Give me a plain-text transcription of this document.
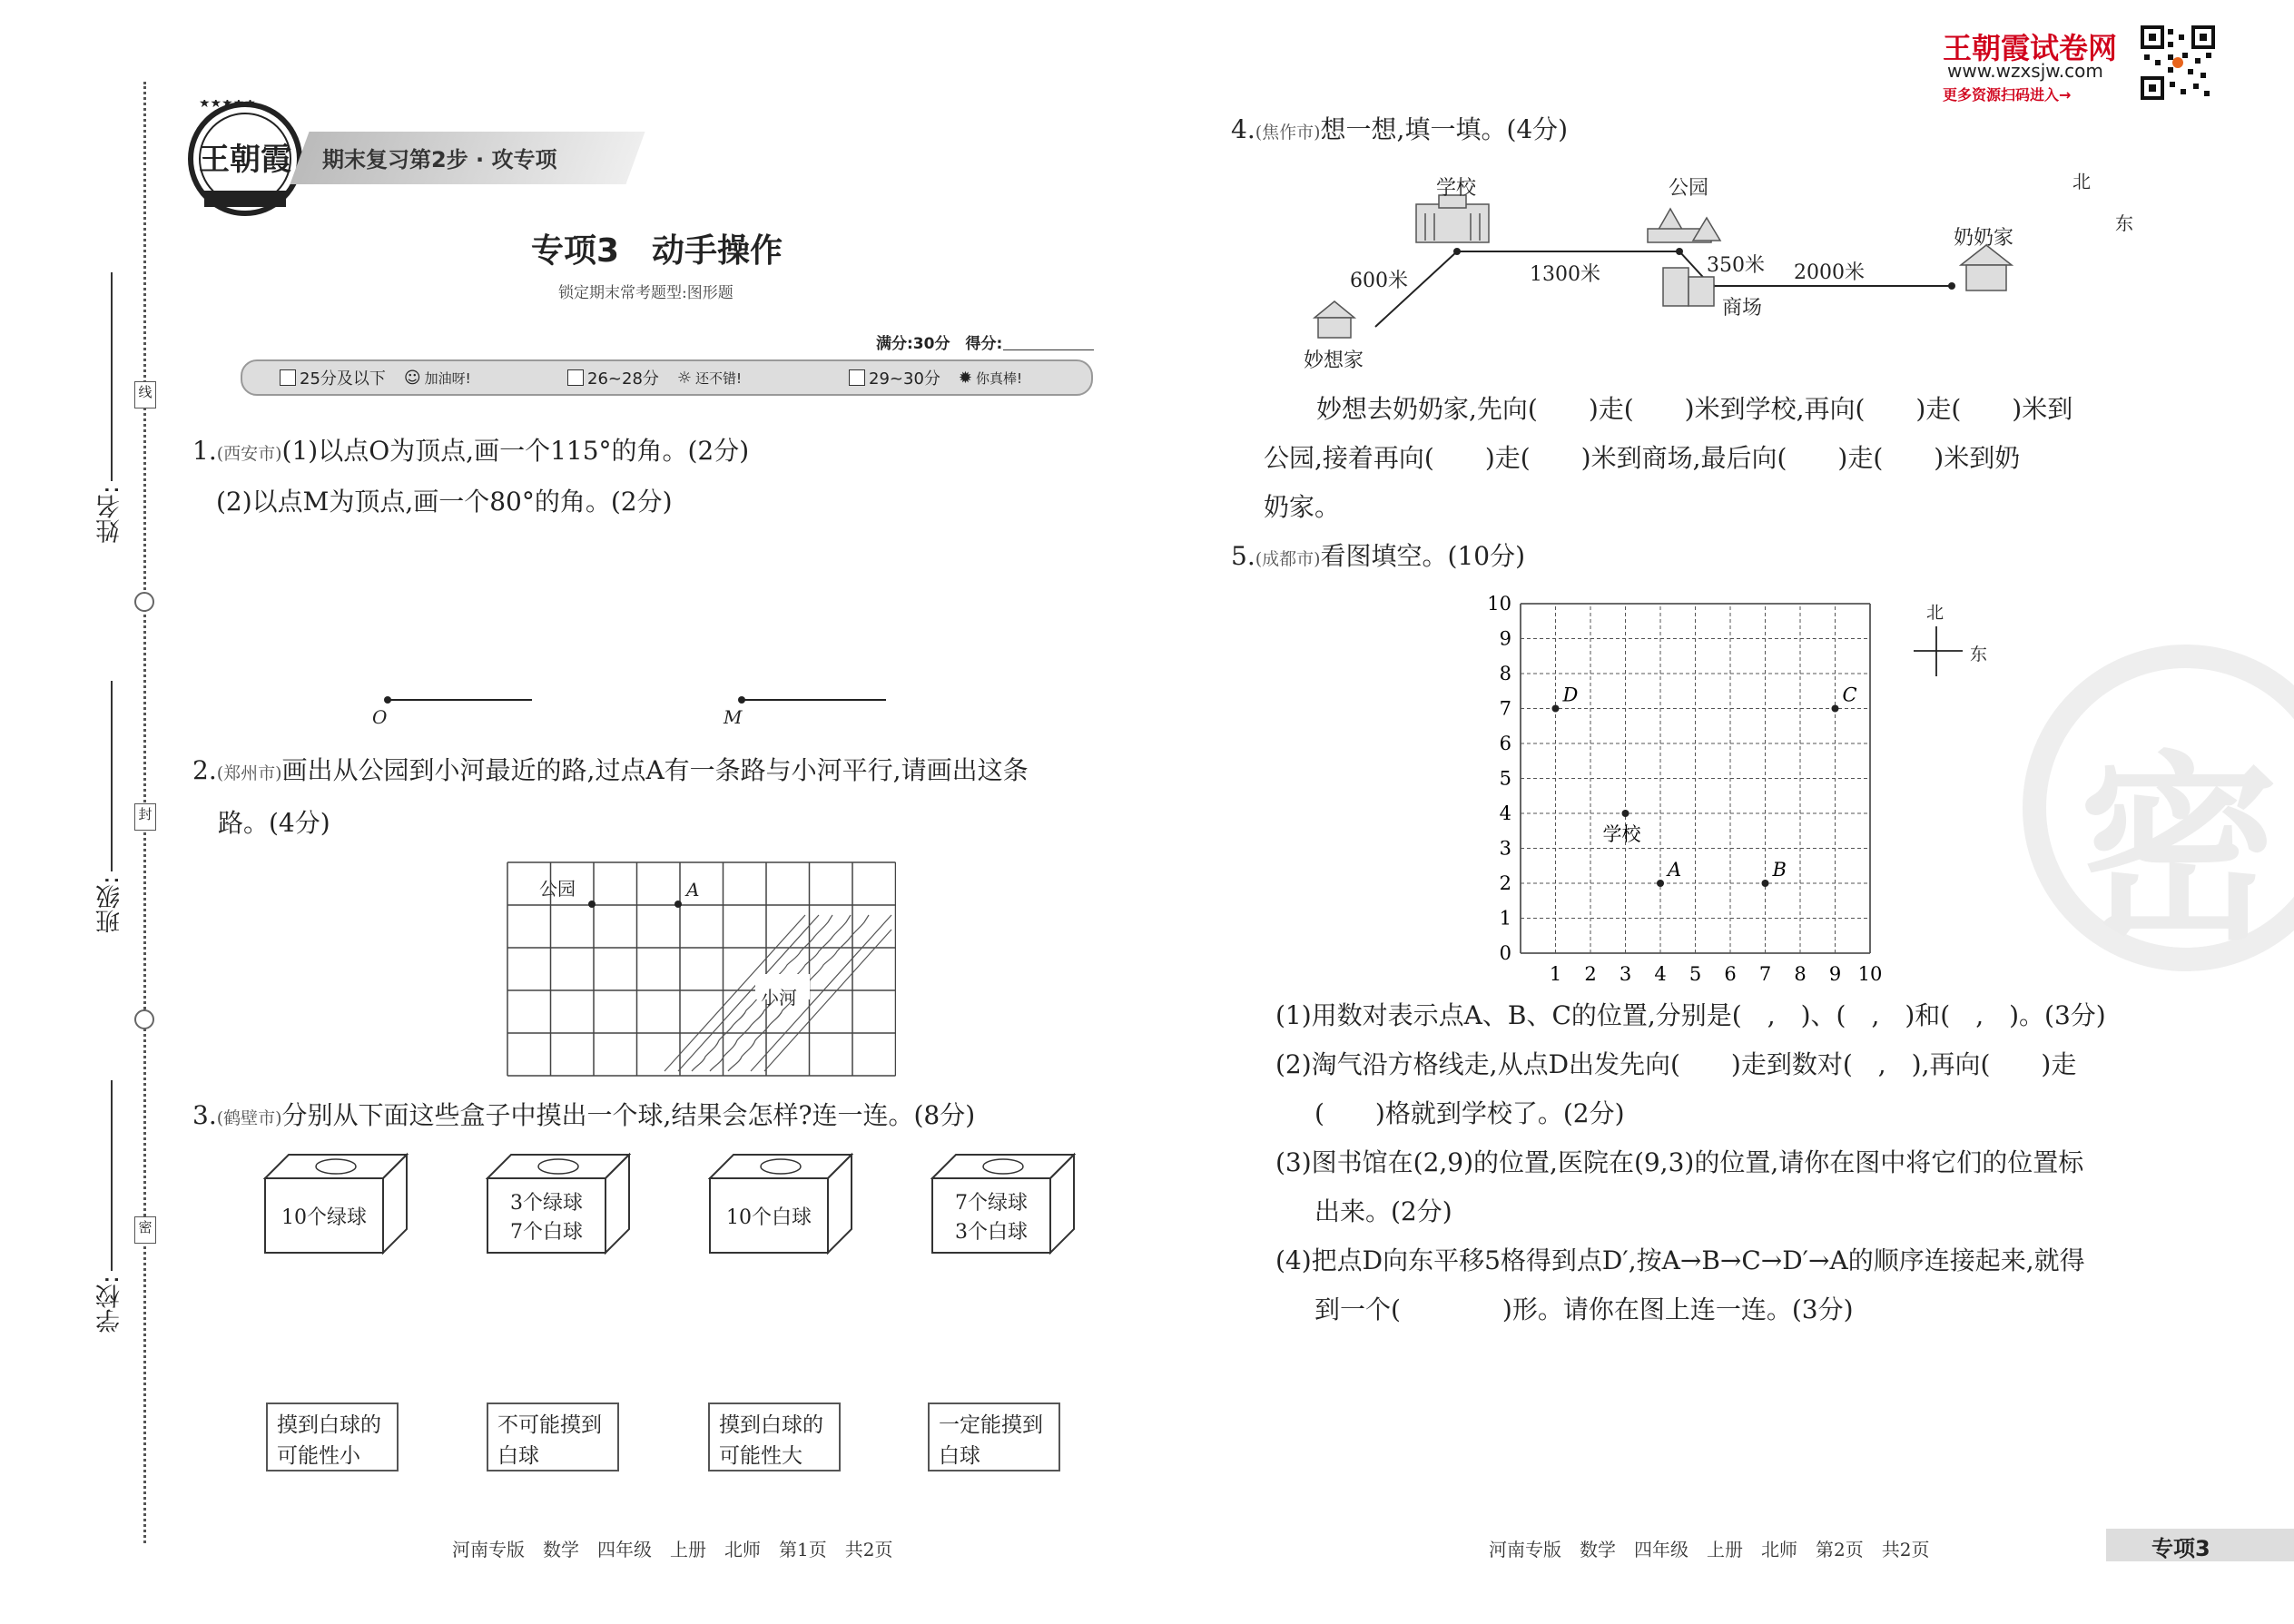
线
封
密
姓名:
班级:
学校:
★★★★★
王朝霞 期末复习第2步 · 攻专项
专项3　动手操作
锁定期末常考题型:图形题
满分:30分　得分:
25分及以下 ☺ 加油呀!	26~28分 ☼ 还不错!	29~30分 ✹ 你真棒!
1.(西安市)(1)以点O为顶点,画一个115°的角。(2分)
(2)以点M为顶点,画一个80°的角。(2分)
O	M
2.(郑州市)画出从公园到小河最近的路,过点A有一条路与小河平行,请画出这条
路。(4分)
公园	A
小河
3.(鹤壁市)分别从下面这些盒子中摸出一个球,结果会怎样?连一连。(8分)
10个绿球
3个绿球
7个白球
10个白球
7个绿球
3个白球
摸到白球的
可能性小
不可能摸到
白球
摸到白球的
可能性大
一定能摸到
白球
河南专版　数学　四年级　上册　北师　第1页　共2页
王朝霞试卷网
www.wzxsjw.com
更多资源扫码进入→
密
4.(焦作市)想一想,填一填。(4分)
学校	公园
奶奶家
妙想家
商场
600米	1300米	350米 2000米
北
东
妙想去奶奶家,先向(　　)走(　　)米到学校,再向(　　)走(　　)米到
公园,接着再向(　　)走(　　)米到商场,最后向(　　)走(　　)米到奶
奶家。
5.(成都市)看图填空。(10分)
0
1
2
3
4
5
6
7
8
9
10
1 2 3 4 5 6 7 8 9 10
D	C
学校
A	B
北
东
(1)用数对表示点A、B、C的位置,分别是(　,　)、(　,　)和(　,　)。(3分)
(2)淘气沿方格线走,从点D出发先向(　　)走到数对(　,　),再向(　　)走
(　　)格就到学校了。(2分)
(3)图书馆在(2,9)的位置,医院在(9,3)的位置,请你在图中将它们的位置标
出来。(2分)
(4)把点D向东平移5格得到点D′,按A→B→C→D′→A的顺序连接起来,就得
到一个(　　　　)形。请你在图上连一连。(3分)
河南专版　数学　四年级　上册　北师　第2页　共2页	专项3
